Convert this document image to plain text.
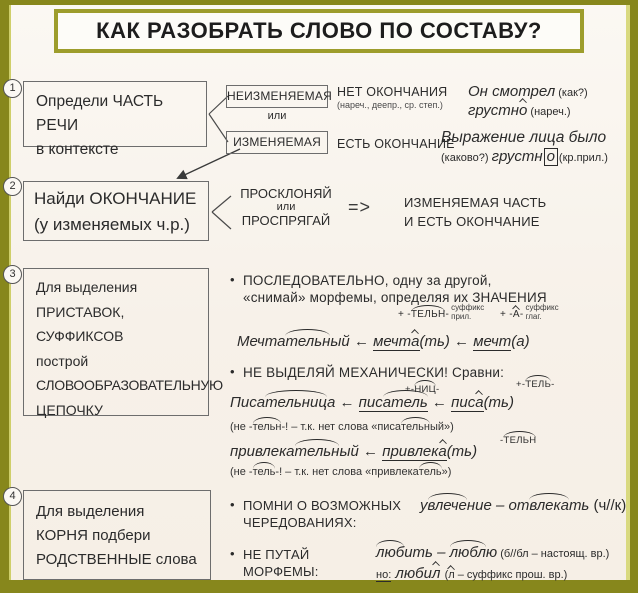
КАК РАЗОБРАТЬ СЛОВО ПО СОСТАВУ?
1
Определи ЧАСТЬ РЕЧИ
в контексте
НЕИЗМЕНЯЕМАЯ
или
ИЗМЕНЯЕМАЯ
НЕТ ОКОНЧАНИЯ
(нареч., деепр., ср. степ.)
ЕСТЬ ОКОНЧАНИЕ
Он смотрел (как?)
грустно (нареч.)
Выражение лица было
(каково?) грустн о (кр.прил.)
2
Найди ОКОНЧАНИЕ
(у изменяемых ч.р.)
ПРОСКЛОНЯЙ
или
ПРОСПРЯГАЙ
=>	ИЗМЕНЯЕМАЯ ЧАСТЬ
И ЕСТЬ ОКОНЧАНИЕ
3
Для выделения
ПРИСТАВОК,
СУФФИКСОВ
построй
СЛОВООБРАЗОВАТЕЛЬНУЮ
ЦЕПОЧКУ
• ПОСЛЕДОВАТЕЛЬНО, одну за другой,
«снимай» морфемы, определяя их ЗНАЧЕНИЯ
+ -ТЕЛЬН-
суффикс
прил.	+ -А-
суффикс
глаг.
Мечтательный ← мечта(ть) ← мечт(а)
• НЕ ВЫДЕЛЯЙ МЕХАНИЧЕСКИ! Сравни:
+-НИЦ-	+-ТЕЛЬ-
Писательница ← писатель ← писа(ть)
(не -тельн-! – т.к. нет слова «писательный»)
-ТЕЛЬН
привлекательный ← привлека(ть)
(не -тель-! – т.к. нет слова «привлекатель»)
4
Для выделения
КОРНЯ подбери
РОДСТВЕННЫЕ слова
• ПОМНИ О ВОЗМОЖНЫХ
ЧЕРЕДОВАНИЯХ:
увлечение – отвлекать (ч//к)
• НЕ ПУТАЙ
МОРФЕМЫ:
любить – люблю (б//бл – настоящ. вр.)
но: любил (л – суффикс прош. вр.)
